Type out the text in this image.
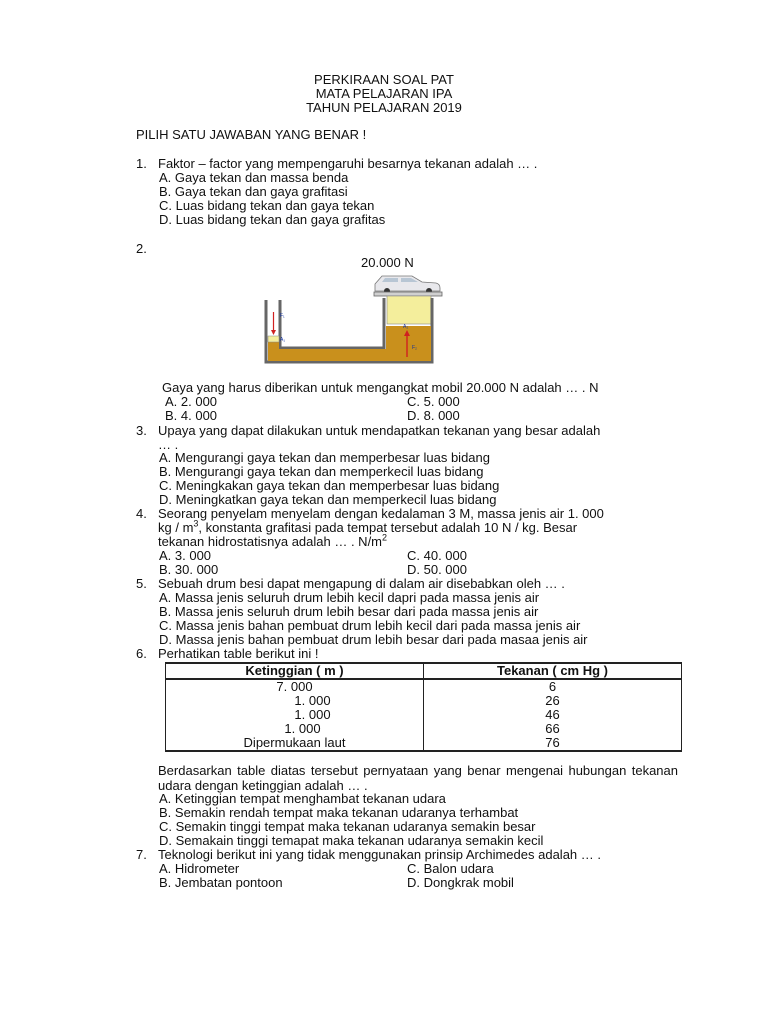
PERKIRAAN SOAL PAT
MATA PELAJARAN IPA
TAHUN PELAJARAN 2019
PILIH SATU JAWABAN YANG BENAR !
1. Faktor – factor yang mempengaruhi besarnya tekanan adalah … .
A. Gaya tekan dan massa benda
B. Gaya tekan dan gaya grafitasi
C. Luas bidang tekan dan gaya tekan
D. Luas bidang tekan dan gaya grafitas
2.
20.000 N
F₁
A₁
A₂
F₂
Gaya yang harus diberikan untuk mengangkat mobil 20.000 N adalah … . N
A. 2. 000	C. 5. 000
B. 4. 000	D. 8. 000
3. Upaya yang dapat dilakukan untuk mendapatkan tekanan yang besar adalah
… .
A. Mengurangi gaya tekan dan memperbesar luas bidang
B. Mengurangi gaya tekan dan memperkecil luas bidang
C. Meningkakan gaya tekan dan memperbesar luas bidang
D. Meningkatkan gaya tekan dan memperkecil luas bidang
4. Seorang penyelam menyelam dengan kedalaman 3 M, massa jenis air 1. 000
kg / $m^3$, konstanta grafitasi pada tempat tersebut adalah 10 N / kg. Besar
tekanan hidrostatisnya adalah … . $N/m^2$
A. 3. 000	C. 40. 000
B. 30. 000	D. 50. 000
5. Sebuah drum besi dapat mengapung di dalam air disebabkan oleh … .
A. Massa jenis seluruh drum lebih kecil dapri pada massa jenis air
B. Massa jenis seluruh drum lebih besar dari pada massa jenis air
C. Massa jenis bahan pembuat drum lebih kecil dari pada massa jenis air
D. Massa jenis bahan pembuat drum lebih besar dari pada masaa jenis air
6. Perhatikan table berikut ini !
Ketinggian ( m )	Tekanan ( cm Hg )
7. 000	6
1. 000	26
1. 000	46
1. 000	66
Dipermukaan laut	76
Berdasarkan table diatas tersebut pernyataan yang benar mengenai hubungan tekanan udara dengan ketinggian adalah … .
A. Ketinggian tempat menghambat tekanan udara
B. Semakin rendah tempat maka tekanan udaranya terhambat
C. Semakin tinggi tempat maka tekanan udaranya semakin besar
D. Semakain tinggi temapat maka tekanan udaranya semakin kecil
7. Teknologi berikut ini yang tidak menggunakan prinsip Archimedes adalah … .
A. Hidrometer	C. Balon udara
B. Jembatan pontoon	D. Dongkrak mobil
